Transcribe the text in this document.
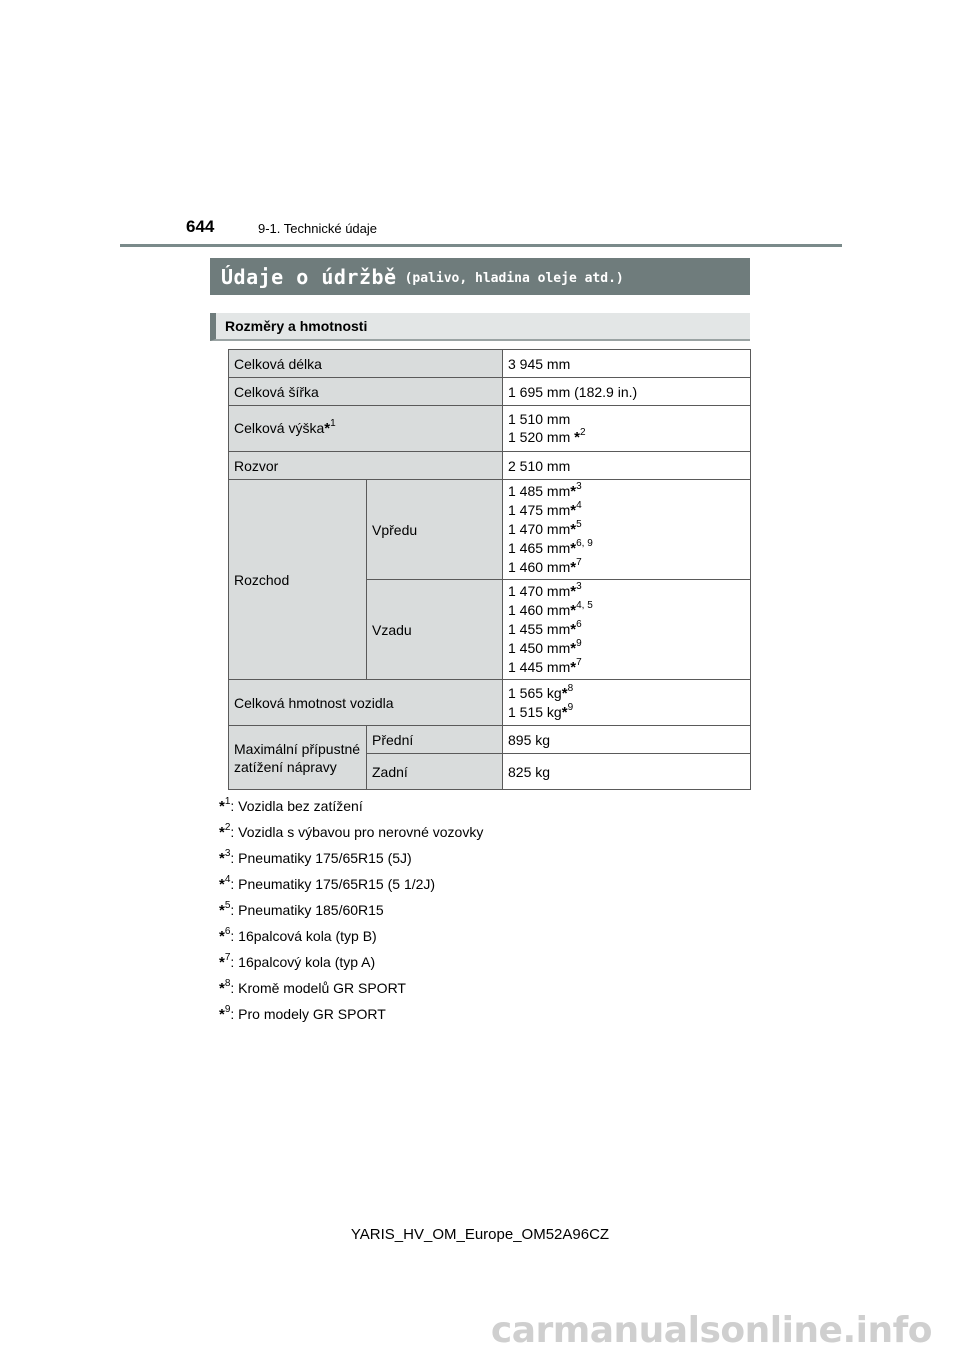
644	9-1. Technické údaje
Údaje o údržbě (palivo, hladina oleje atd.)
Rozměry a hmotnosti
Celková délka		3 945 mm
Celková šířka		1 695 mm (182.9 in.)
Celková výška*$^1$		1 510 mm
1 520 mm *$^2$

Rozvor		2 510 mm
Rozchod	Vpředu	1 485 mm*$^3$
1 475 mm*$^4$
1 470 mm*$^5$
1 465 mm*$^{6, 9}$
1 460 mm*$^7$

	Vzadu	1 470 mm*$^3$
1 460 mm*$^{4, 5}$
1 455 mm*$^6$
1 450 mm*$^9$
1 445 mm*$^7$

Celková hmotnost vozidla		1 565 kg*$^8$
1 515 kg*$^9$

Maximální přípustné zatížení nápravy	Přední	895 kg
	Zadní	825 kg
*$^1$: Vozidla bez zatížení
*$^2$: Vozidla s výbavou pro nerovné vozovky
*$^3$: Pneumatiky 175/65R15 (5J)
*$^4$: Pneumatiky 175/65R15 (5 1/2J)
*$^5$: Pneumatiky 185/60R15
*$^6$: 16palcová kola (typ B)
*$^7$: 16palcový kola (typ A)
*$^8$: Kromě modelů GR SPORT
*$^9$: Pro modely GR SPORT
YARIS_HV_OM_Europe_OM52A96CZ
carmanualsonline.info
